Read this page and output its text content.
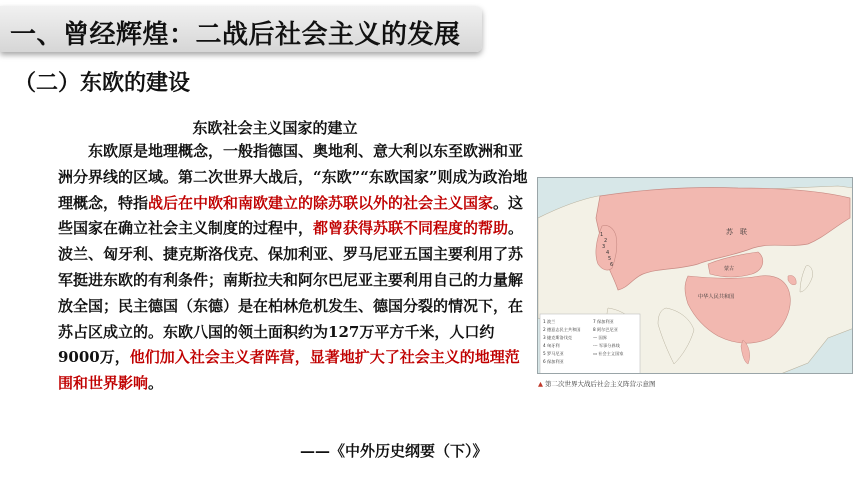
一、曾经辉煌：二战后社会主义的发展
（二）东欧的建设
东欧社会主义国家的建立

东欧原是地理概念，一般指德国、奥地利、意大利以东至欧洲和亚洲分界线的区域。第二次世界大战后，“东欧”“东欧国家”则成为政治地理概念，特指战后在中欧和南欧建立的除苏联以外的社会主义国家。这些国家在确立社会主义制度的过程中，都曾获得苏联不同程度的帮助。波兰、匈牙利、捷克斯洛伐克、保加利亚、罗马尼亚五国主要利用了苏军挺进东欧的有利条件；南斯拉夫和阿尔巴尼亚主要利用自己的力量解放全国；民主德国（东德）是在柏林危机发生、德国分裂的情况下，在苏占区成立的。东欧八国的领土面积约为127万平方千米，人口约9000万，他们加入社会主义者阵营，显著地扩大了社会主义的地理范围和世界影响。

——《中外历史纲要（下）》
1
2
3
4
5
6
1 波兰
2 德意志民主共和国
3 捷克斯洛伐克
4 匈牙利
5 罗马尼亚
6 保加利亚
7 保加利亚
8 阿尔巴尼亚
— 国界
--- 军事分界线
▭ 社会主义国家
苏　联
蒙古
中华人民共和国
▲ 第二次世界大战后社会主义阵营示意图
